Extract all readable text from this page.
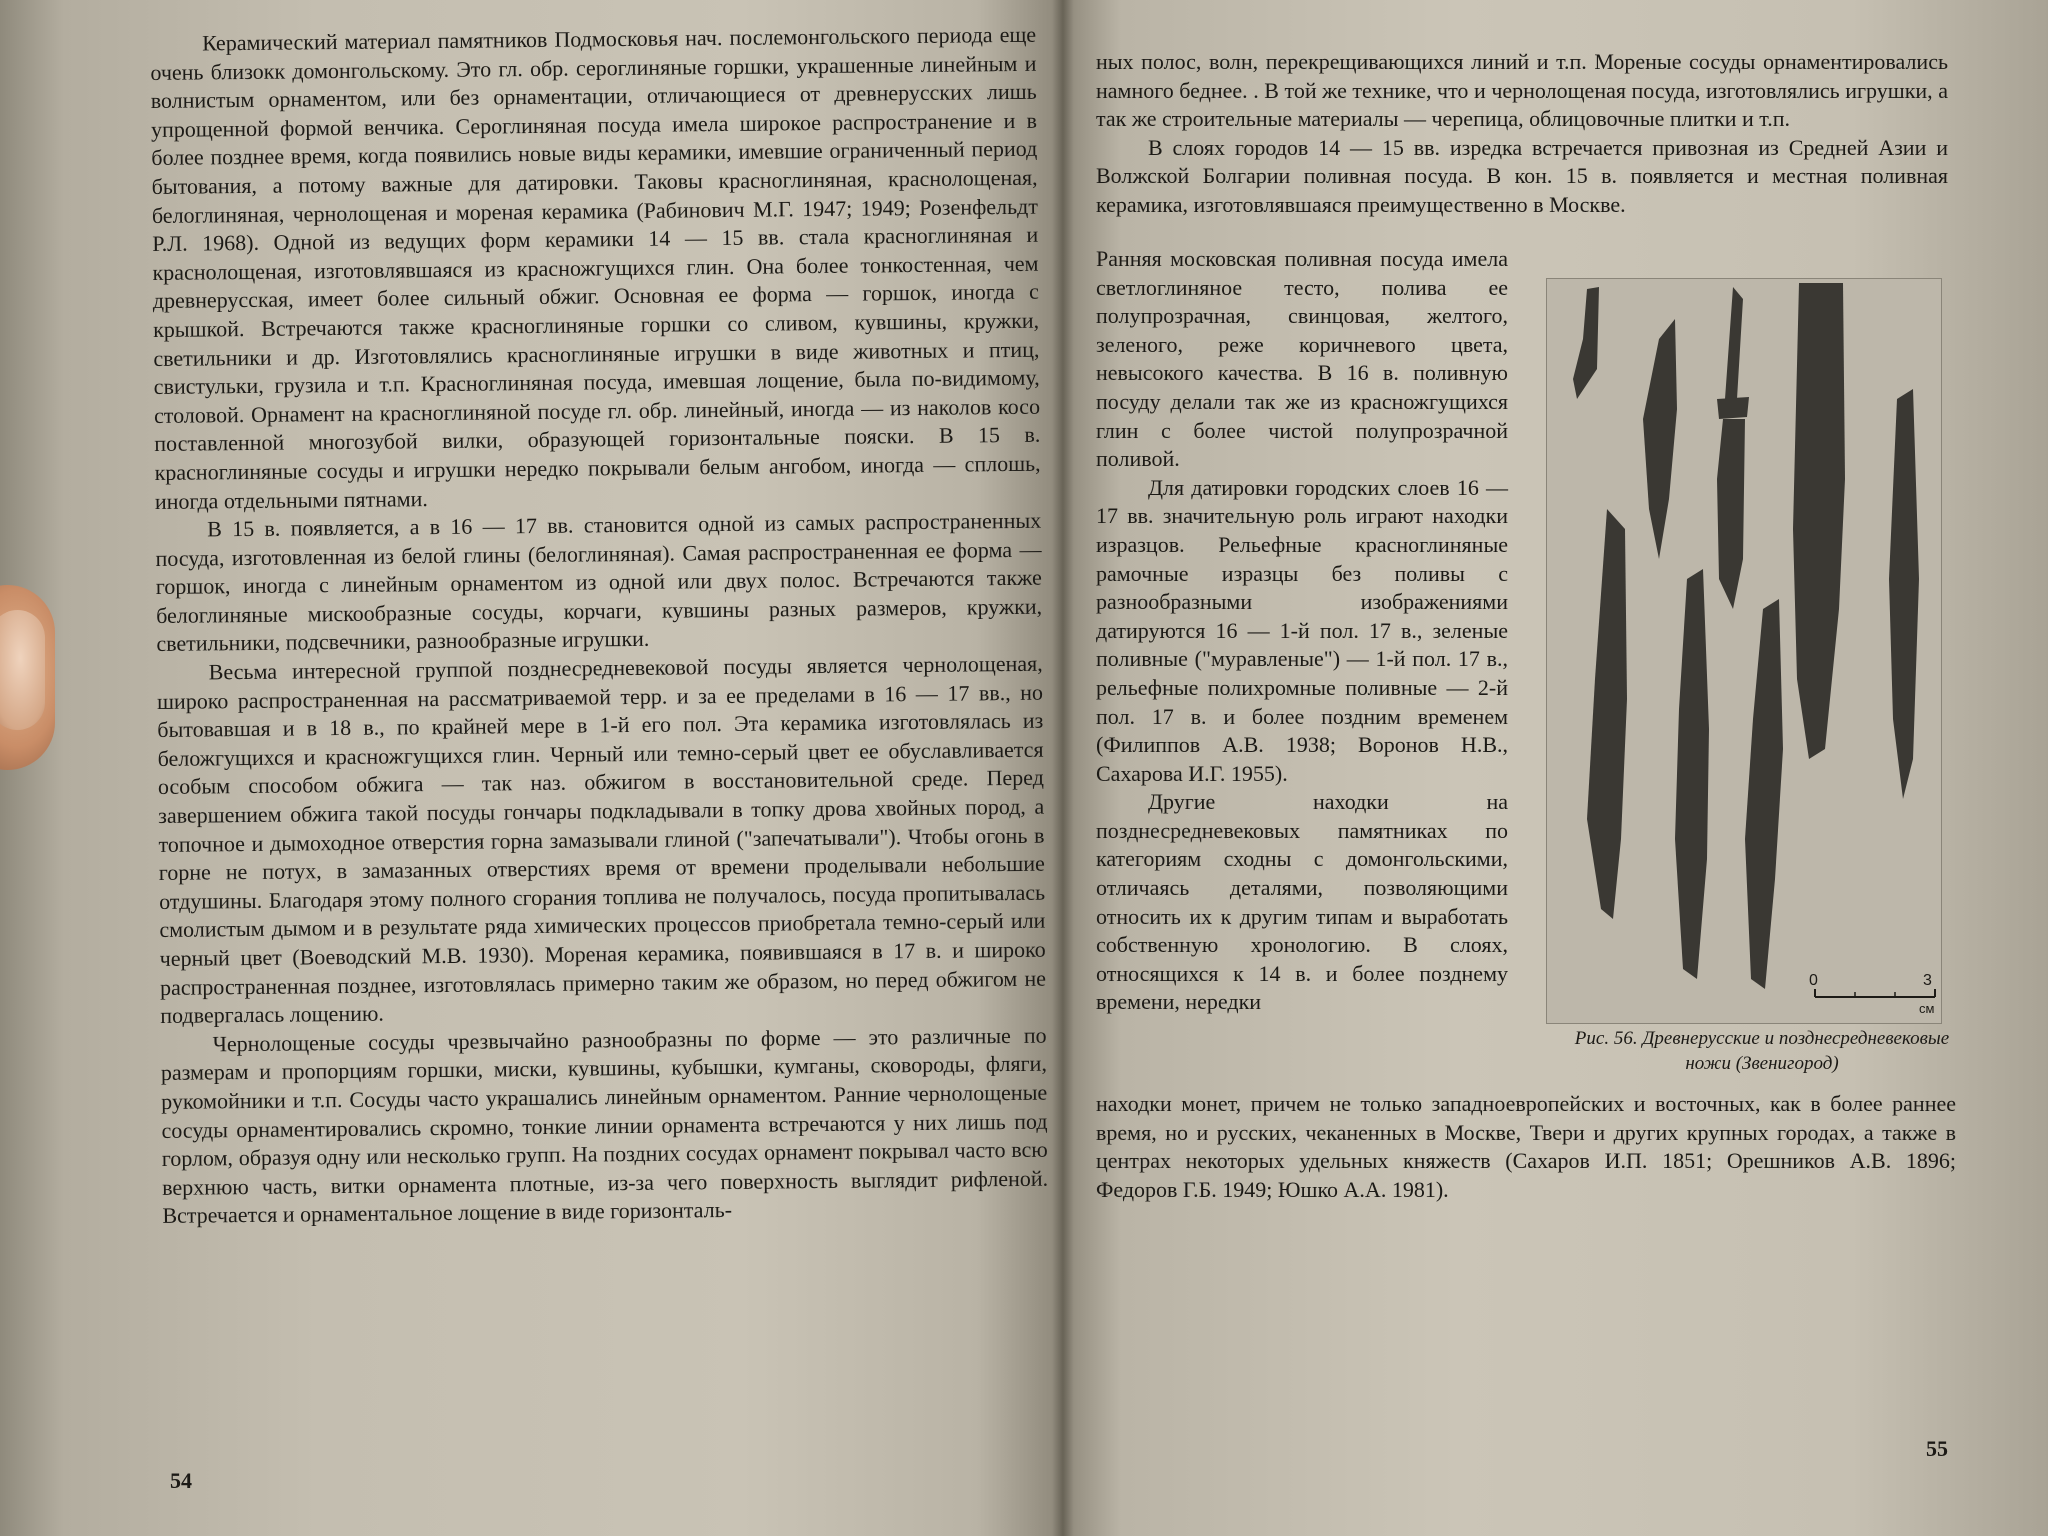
Керамический материал памятников Подмосковья нач. послемонгольского периода еще очень близокк домонгольскому. Это гл. обр. сероглиняные горшки, украшенные линейным и волнистым орнаментом, или без орнаментации, отличающиеся от древнерусских лишь упрощенной формой венчика. Сероглиняная посуда имела широкое распространение и в более позднее время, когда появились новые виды керамики, имевшие ограниченный период бытования, а потому важные для датировки. Таковы красноглиняная, краснолощеная, белоглиняная, чернолощеная и мореная керамика (Рабинович М.Г. 1947; 1949; Розенфельдт Р.Л. 1968). Одной из ведущих форм керамики 14 — 15 вв. стала красноглиняная и краснолощеная, изготовлявшаяся из красножгущихся глин. Она более тонкостенная, чем древнерусская, имеет более сильный обжиг. Основная ее форма — горшок, иногда с крышкой. Встречаются также красноглиняные горшки со сливом, кувшины, кружки, светильники и др. Изготовлялись красноглиняные игрушки в виде животных и птиц, свистульки, грузила и т.п. Красноглиняная посуда, имевшая лощение, была по-видимому, столовой. Орнамент на красноглиняной посуде гл. обр. линейный, иногда — из наколов косо поставленной многозубой вилки, образующей горизонтальные пояски. В 15 в. красноглиняные сосуды и игрушки нередко покрывали белым ангобом, иногда — сплошь, иногда отдельными пятнами.

В 15 в. появляется, а в 16 — 17 вв. становится одной из самых распространенных посуда, изготовленная из белой глины (белоглиняная). Самая распространенная ее форма — горшок, иногда с линейным орнаментом из одной или двух полос. Встречаются также белоглиняные мискообразные сосуды, корчаги, кувшины разных размеров, кружки, светильники, подсвечники, разнообразные игрушки.

Весьма интересной группой позднесредневековой посуды является чернолощеная, широко распространенная на рассматриваемой терр. и за ее пределами в 16 — 17 вв., но бытовавшая и в 18 в., по крайней мере в 1-й его пол. Эта керамика изготовлялась из беложгущихся и красножгущихся глин. Черный или темно-серый цвет ее обуславливается особым способом обжига — так наз. обжигом в восстановительной среде. Перед завершением обжига такой посуды гончары подкладывали в топку дрова хвойных пород, а топочное и дымоходное отверстия горна замазывали глиной ("запечатывали"). Чтобы огонь в горне не потух, в замазанных отверстиях время от времени проделывали небольшие отдушины. Благодаря этому полного сгорания топлива не получалось, посуда пропитывалась смолистым дымом и в результате ряда химических процессов приобретала темно-серый или черный цвет (Воеводский М.В. 1930). Мореная керамика, появившаяся в 17 в. и широко распространенная позднее, изготовлялась примерно таким же образом, но перед обжигом не подвергалась лощению.

Чернолощеные сосуды чрезвычайно разнообразны по форме — это различные по размерам и пропорциям горшки, миски, кувшины, кубышки, кумганы, сковороды, фляги, рукомойники и т.п. Сосуды часто украшались линейным орнаментом. Ранние чернолощеные сосуды орнаментировались скромно, тонкие линии орнамента встречаются у них лишь под горлом, образуя одну или несколько групп. На поздних сосудах орнамент покрывал часто всю верхнюю часть, витки орнамента плотные, из-за чего поверхность выглядит рифленой. Встречается и орнаментальное лощение в виде горизонталь-

54

ных полос, волн, перекрещивающихся линий и т.п. Мореные сосуды орнаментировались намного беднее. . В той же технике, что и чернолощеная посуда, изготовлялись игрушки, а так же строительные материалы — черепица, облицовочные плитки и т.п.

В слоях городов 14 — 15 вв. изредка встречается привозная из Средней Азии и Волжской Болгарии поливная посуда. В кон. 15 в. появляется и местная поливная керамика, изготовлявшаяся преимущественно в Москве.

Ранняя московская поливная посуда имела светлоглиняное тесто, полива ее полупрозрачная, свинцовая, желтого, зеленого, реже коричневого цвета, невысокого качества. В 16 в. поливную посуду делали так же из красножгущихся глин с более чистой полупрозрачной поливой.

Для датировки городских слоев 16 — 17 вв. значительную роль играют находки изразцов. Рельефные красноглиняные рамочные изразцы без поливы с разнообразными изображениями датируются 16 — 1-й пол. 17 в., зеленые поливные ("муравленые") — 1-й пол. 17 в., рельефные полихромные поливные — 2-й пол. 17 в. и более поздним временем (Филиппов А.В. 1938; Воронов Н.В., Сахарова И.Г. 1955).

Другие находки на позднесредневековых памятниках по категориям сходны с домонгольскими, отличаясь деталями, позволяющими относить их к другим типам и выработать собственную хронологию. В слоях, относящихся к 14 в. и более позднему времени, нередки

0	3
см
Рис. 56. Древнерусские и позднесредневековые ножи (Звенигород)

находки монет, причем не только западноевропейских и восточных, как в более раннее время, но и русских, чеканенных в Москве, Твери и других крупных городах, а также в центрах некоторых удельных княжеств (Сахаров И.П. 1851; Орешников А.В. 1896; Федоров Г.Б. 1949; Юшко А.А. 1981).

55
